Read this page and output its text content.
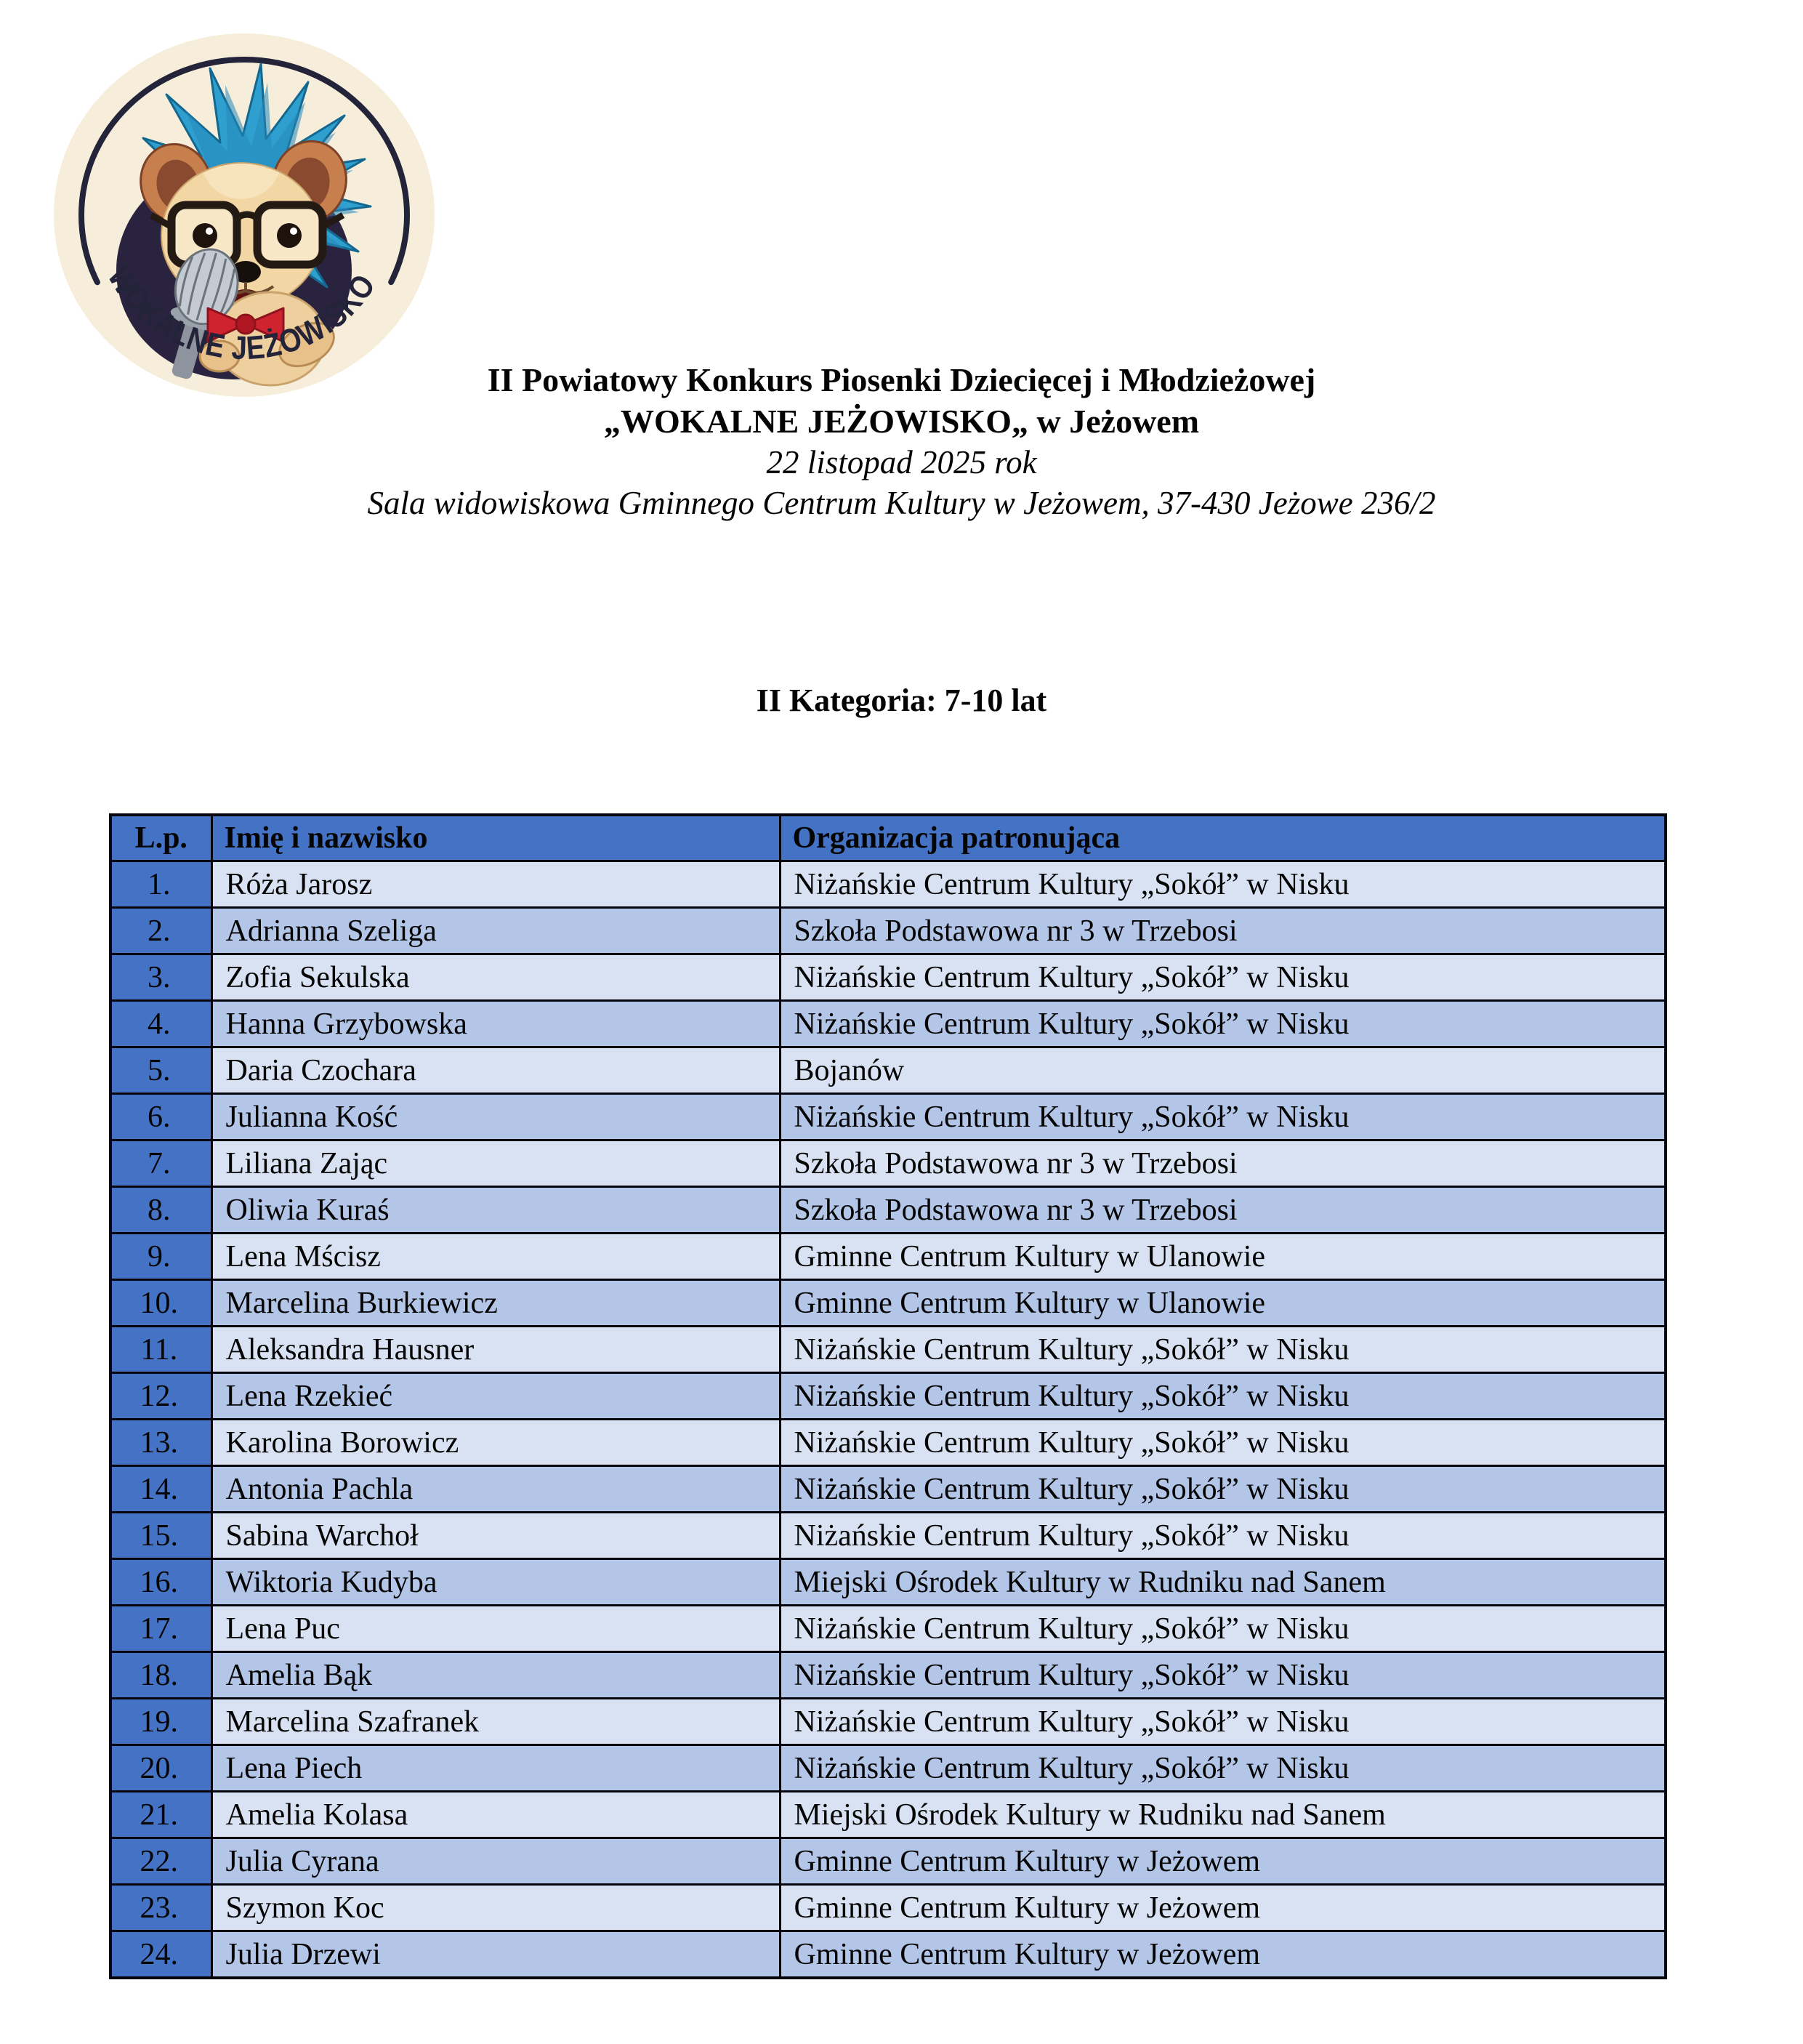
WOKALNE JEŻOWISKO
II Powiatowy Konkurs Piosenki Dziecięcej i Młodzieżowej
„WOKALNE JEŻOWISKO„ w Jeżowem
22 listopad 2025 rok
Sala widowiskowa Gminnego Centrum Kultury w Jeżowem, 37-430 Jeżowe 236/2
II Kategoria: 7-10 lat
L.p.	Imię i nazwisko	Organizacja patronująca
1.	Róża Jarosz	Niżańskie Centrum Kultury „Sokół” w Nisku
2.	Adrianna Szeliga	Szkoła Podstawowa nr 3 w Trzebosi
3.	Zofia Sekulska	Niżańskie Centrum Kultury „Sokół” w Nisku
4.	Hanna Grzybowska	Niżańskie Centrum Kultury „Sokół” w Nisku
5.	Daria Czochara	Bojanów
6.	Julianna Kość	Niżańskie Centrum Kultury „Sokół” w Nisku
7.	Liliana Zając	Szkoła Podstawowa nr 3 w Trzebosi
8.	Oliwia Kuraś	Szkoła Podstawowa nr 3 w Trzebosi
9.	Lena Mścisz	Gminne Centrum Kultury w Ulanowie
10.	Marcelina Burkiewicz	Gminne Centrum Kultury w Ulanowie
11.	Aleksandra Hausner	Niżańskie Centrum Kultury „Sokół” w Nisku
12.	Lena Rzekieć	Niżańskie Centrum Kultury „Sokół” w Nisku
13.	Karolina Borowicz	Niżańskie Centrum Kultury „Sokół” w Nisku
14.	Antonia Pachla	Niżańskie Centrum Kultury „Sokół” w Nisku
15.	Sabina Warchoł	Niżańskie Centrum Kultury „Sokół” w Nisku
16.	Wiktoria Kudyba	Miejski Ośrodek Kultury w Rudniku nad Sanem
17.	Lena Puc	Niżańskie Centrum Kultury „Sokół” w Nisku
18.	Amelia Bąk	Niżańskie Centrum Kultury „Sokół” w Nisku
19.	Marcelina Szafranek	Niżańskie Centrum Kultury „Sokół” w Nisku
20.	Lena Piech	Niżańskie Centrum Kultury „Sokół” w Nisku
21.	Amelia Kolasa	Miejski Ośrodek Kultury w Rudniku nad Sanem
22.	Julia Cyrana	Gminne Centrum Kultury w Jeżowem
23.	Szymon Koc	Gminne Centrum Kultury w Jeżowem
24.	Julia Drzewi	Gminne Centrum Kultury w Jeżowem
